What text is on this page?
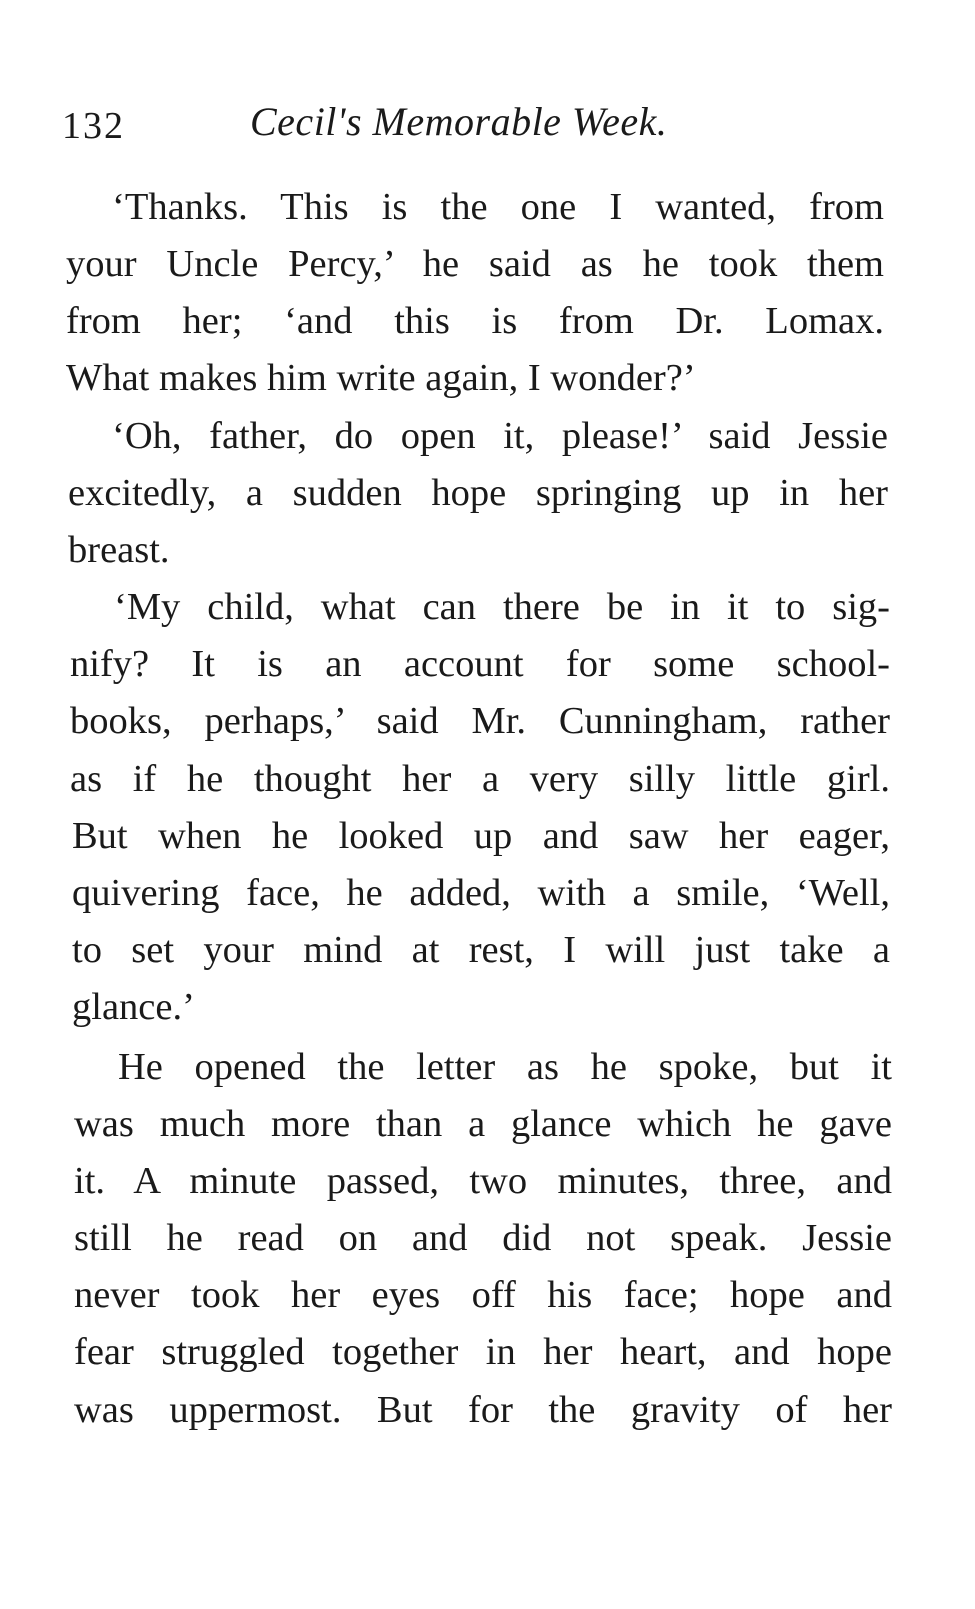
132	Cecil's Memorable Week.
‘Thanks. This is the one I wanted, from
your Uncle Percy,’ he said as he took them
from her; ‘and this is from Dr. Lomax.
What makes him write again, I wonder?’
‘Oh, father, do open it, please!’ said Jessie
excitedly, a sudden hope springing up in her
breast.
‘My child, what can there be in it to sig-
nify? It is an account for some school-
books, perhaps,’ said Mr. Cunningham, rather
as if he thought her a very silly little girl.
But when he looked up and saw her eager,
quivering face, he added, with a smile, ‘Well,
to set your mind at rest, I will just take a
glance.’
He opened the letter as he spoke, but it
was much more than a glance which he gave
it. A minute passed, two minutes, three, and
still he read on and did not speak. Jessie
never took her eyes off his face; hope and
fear struggled together in her heart, and hope
was uppermost. But for the gravity of her
